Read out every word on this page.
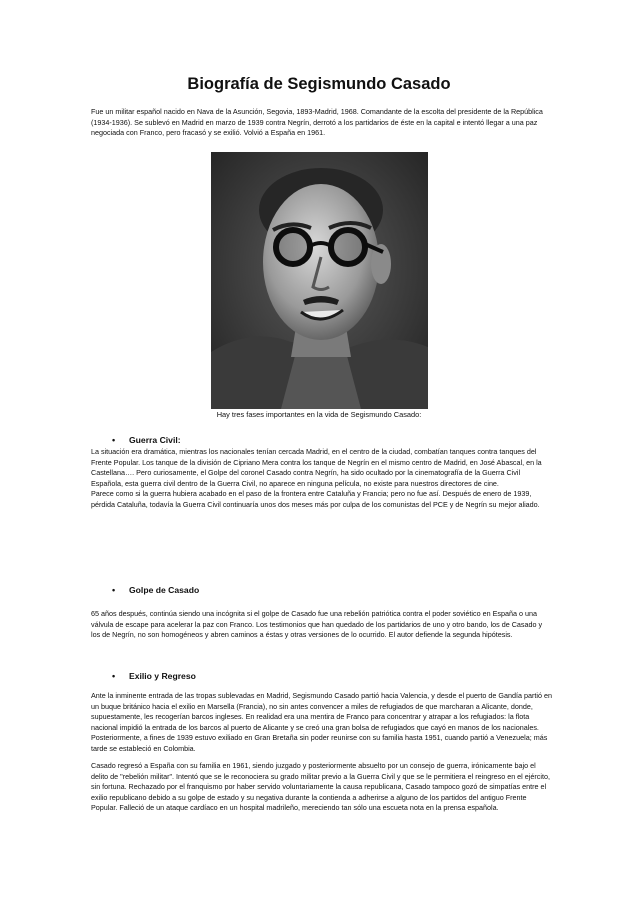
Biografía de Segismundo Casado

Fue un militar español nacido en Nava de la Asunción, Segovia, 1893-Madrid, 1968. Comandante de la escolta del presidente de la República (1934-1936). Se sublevó en Madrid en marzo de 1939 contra Negrín, derrotó a los partidarios de éste en la capital e intentó llegar a una paz negociada con Franco, pero fracasó y se exilió. Volvió a España en 1961.

Hay tres fases importantes en la vida de Segismundo Casado:

•	Guerra Civil:

La situación era dramática, mientras los nacionales tenían cercada Madrid, en el centro de la ciudad, combatían tanques contra tanques del Frente Popular. Los tanque de la división de Cipriano Mera contra los tanque de Negrín en el mismo centro de Madrid, en José Abascal, en la Castellana…. Pero curiosamente, el Golpe del coronel Casado contra Negrín, ha sido ocultado por la cinematografía de la Guerra Civil Española, esta guerra civil dentro de la Guerra Civil, no aparece en ninguna película, no existe para nuestros directores de cine.

Parece como si la guerra hubiera acabado en el paso de la frontera entre Cataluña y Francia; pero no fue así. Después de enero de 1939, pérdida Cataluña, todavía la Guerra Civil continuaría unos dos meses más por culpa de los comunistas del PCE y de Negrín su mejor aliado.

•	Golpe de Casado

65 años después, continúa siendo una incógnita si el golpe de Casado fue una rebelión patriótica contra el poder soviético en España o una válvula de escape para acelerar la paz con Franco. Los testimonios que han quedado de los partidarios de uno y otro bando, los de Casado y los de Negrín, no son homogéneos y abren caminos a éstas y otras versiones de lo ocurrido. El autor defiende la segunda hipótesis.

•	Exilio y Regreso

Ante la inminente entrada de las tropas sublevadas en Madrid, Segismundo Casado partió hacia Valencia, y desde el puerto de Gandía partió en un buque británico hacia el exilio en Marsella (Francia), no sin antes convencer a miles de refugiados de que marcharan a Alicante, donde, supuestamente, les recogerían barcos ingleses. En realidad era una mentira de Franco para concentrar y atrapar a los refugiados: la flota nacional impidió la entrada de los barcos al puerto de Alicante y se creó una gran bolsa de refugiados que cayó en manos de los nacionales. Posteriormente, a fines de 1939 estuvo exiliado en Gran Bretaña sin poder reunirse con su familia hasta 1951, cuando partió a Venezuela; más tarde se estableció en Colombia.

Casado regresó a España con su familia en 1961, siendo juzgado y posteriormente absuelto por un consejo de guerra, irónicamente bajo el delito de "rebelión militar". Intentó que se le reconociera su grado militar previo a la Guerra Civil y que se le permitiera el reingreso en el ejército, sin fortuna. Rechazado por el franquismo por haber servido voluntariamente la causa republicana, Casado tampoco gozó de simpatías entre el exilio republicano debido a su golpe de estado y su negativa durante la contienda a adherirse a alguno de los partidos del antiguo Frente Popular. Falleció de un ataque cardíaco en un hospital madrileño, mereciendo tan sólo una escueta nota en la prensa española.
